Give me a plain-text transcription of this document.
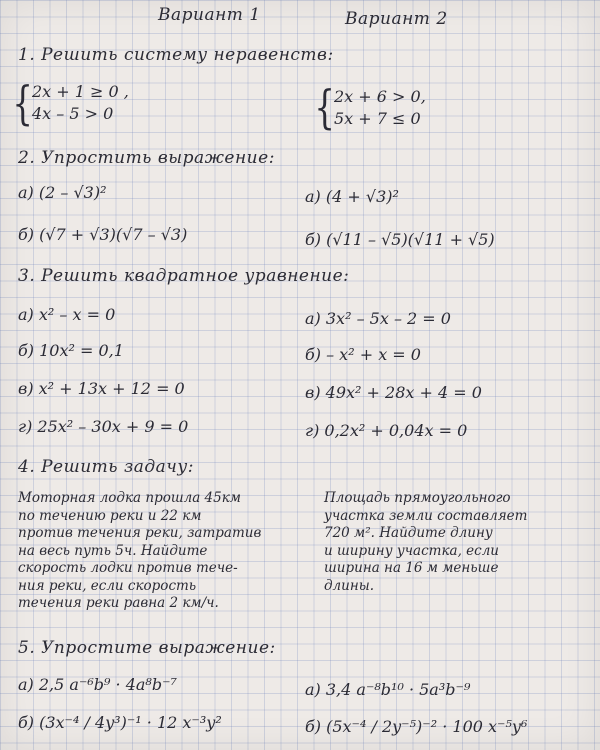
Вариант 1	Вариант 2
1. Решить систему неравенств:
{ 2x + 1 ≥ 0 ,
4x – 5 > 0	{ 2x + 6 > 0,
5x + 7 ≤ 0
2. Упростить выражение:
а) (2 – √3)²
б) (√7 + √3)(√7 – √3)
а) (4 + √3)²
б) (√11 – √5)(√11 + √5)
3. Решить квадратное уравнение:
а) x² – x = 0
б) 10x² = 0,1
в) x² + 13x + 12 = 0
г) 25x² – 30x + 9 = 0
а) 3x² – 5x – 2 = 0
б) – x² + x = 0
в) 49x² + 28x + 4 = 0
г) 0,2x² + 0,04x = 0
4. Решить задачу:
Моторная лодка прошла 45км
по течению реки и 22 км
против течения реки, затратив
на весь путь 5ч. Найдите
скорость лодки против тече-
ния реки, если скорость
течения реки равна 2 км/ч.
Площадь прямоугольного
участка земли составляет
720 м². Найдите длину
и ширину участка, если
ширина на 16 м меньше
длины.
5. Упростите выражение:
а) 2,5 a⁻⁶b⁹ · 4a⁸b⁻⁷
б) (3x⁻⁴ / 4y³)⁻¹ · 12 x⁻³y²
а) 3,4 a⁻⁸b¹⁰ · 5a³b⁻⁹
б) (5x⁻⁴ / 2y⁻⁵)⁻² · 100 x⁻⁵y⁶
